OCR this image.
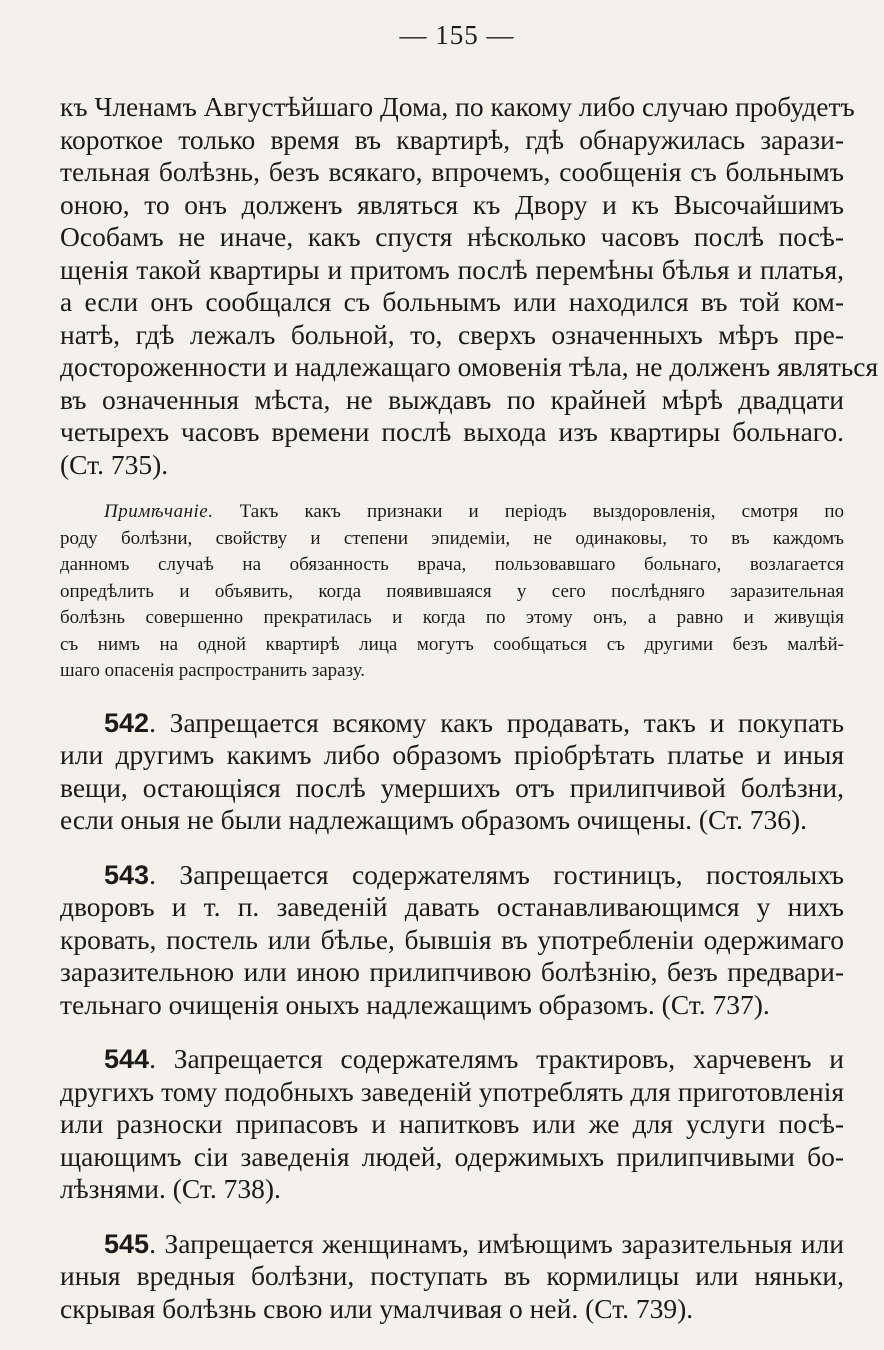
— 155 —
къ Членамъ Августѣйшаго Дома, по какому либо случаю пробудетъ
короткое только время въ квартирѣ, гдѣ обнаружилась зарази-
тельная болѣзнь, безъ всякаго, впрочемъ, сообщенія съ больнымъ
оною, то онъ долженъ являться къ Двору и къ Высочайшимъ
Особамъ не иначе, какъ спустя нѣсколько часовъ послѣ посѣ-
щенія такой квартиры и притомъ послѣ перемѣны бѣлья и платья,
а если онъ сообщался съ больнымъ или находился въ той ком-
натѣ, гдѣ лежалъ больной, то, сверхъ означенныхъ мѣръ пре-
достороженности и надлежащаго омовенія тѣла, не долженъ являться
въ означенныя мѣста, не выждавъ по крайней мѣрѣ двадцати
четырехъ часовъ времени послѣ выхода изъ квартиры больнаго.
(Ст. 735).
Примѣчаніе. Такъ какъ признаки и періодъ выздоровленія, смотря по
роду болѣзни, свойству и степени эпидеміи, не одинаковы, то въ каждомъ
данномъ случаѣ на обязанность врача, пользовавшаго больнаго, возлагается
опредѣлить и объявить, когда появившаяся у сего послѣдняго заразительная
болѣзнь совершенно прекратилась и когда по этому онъ, а равно и живущія
съ нимъ на одной квартирѣ лица могутъ сообщаться съ другими безъ малѣй-
шаго опасенія распространить заразу.
542. Запрещается всякому какъ продавать, такъ и покупать
или другимъ какимъ либо образомъ пріобрѣтать платье и иныя
вещи, остающіяся послѣ умершихъ отъ прилипчивой болѣзни,
если оныя не были надлежащимъ образомъ очищены. (Ст. 736).
543. Запрещается содержателямъ гостиницъ, постоялыхъ
дворовъ и т. п. заведеній давать останавливающимся у нихъ
кровать, постель или бѣлье, бывшія въ употребленіи одержимаго
заразительною или иною прилипчивою болѣзнію, безъ предвари-
тельнаго очищенія оныхъ надлежащимъ образомъ. (Ст. 737).
544. Запрещается содержателямъ трактировъ, харчевенъ и
другихъ тому подобныхъ заведеній употреблять для приготовленія
или разноски припасовъ и напитковъ или же для услуги посѣ-
щающимъ сіи заведенія людей, одержимыхъ прилипчивыми бо-
лѣзнями. (Ст. 738).
545. Запрещается женщинамъ, имѣющимъ заразительныя или
иныя вредныя болѣзни, поступать въ кормилицы или няньки,
скрывая болѣзнь свою или умалчивая о ней. (Ст. 739).
